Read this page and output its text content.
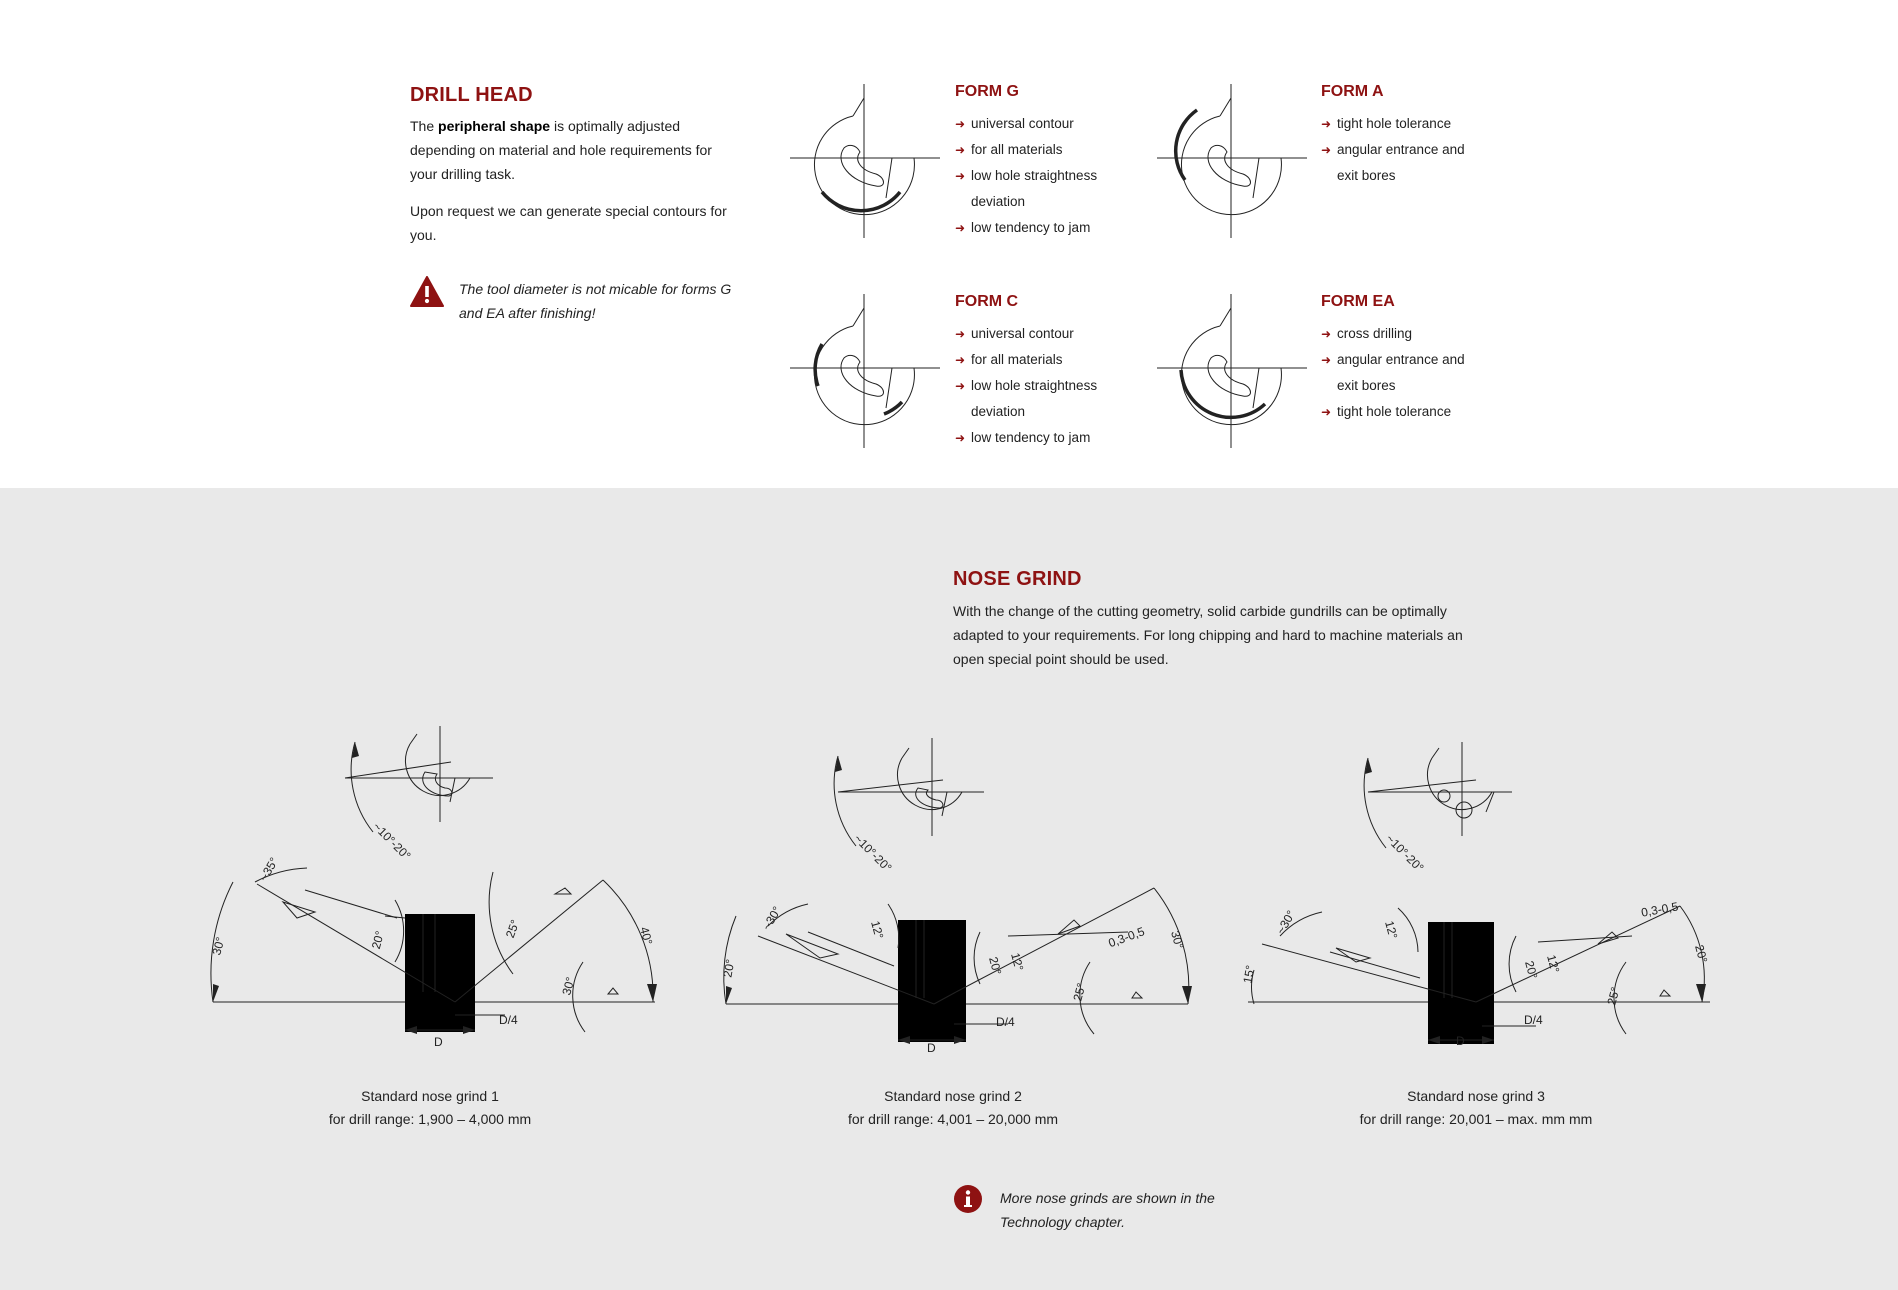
DRILL HEAD

The peripheral shape is optimally adjusted depending on material and hole requirements for your drilling task.

Upon request we can generate special contours for you.

The tool diameter is not micable for forms G and EA after finishing!

FORM G
➜ universal contour
➜ for all materials
➜ low hole straightness deviation
➜ low tendency to jam
FORM A
➜ tight hole tolerance
➜ angular entrance and exit bores
FORM C
➜ universal contour
➜ for all materials
➜ low hole straightness deviation
➜ low tendency to jam
FORM EA
➜ cross drilling
➜ angular entrance and exit bores
➜ tight hole tolerance
NOSE GRIND

With the change of the cutting geometry, solid carbide gundrills can be optimally adapted to your requirements. For long chipping and hard to machine materials an open special point should be used.

~10°-20°
30°
~35°
20°
25°	40°
30°
D
D/4
Standard nose grind 1
for drill range: 1,900 – 4,000 mm
~10°-20°
20°
~30°	12°
20° 12°
0,3-0,5 30°
25°
D
D/4
Standard nose grind 2
for drill range: 4,001 – 20,000 mm
~10°-20°
15°
~30°	12°
20° 12°
0,3-0,5
20°
25°
D
D/4
Standard nose grind 3
for drill range: 20,001 – max. mm mm

More nose grinds are shown in the Technology chapter.
